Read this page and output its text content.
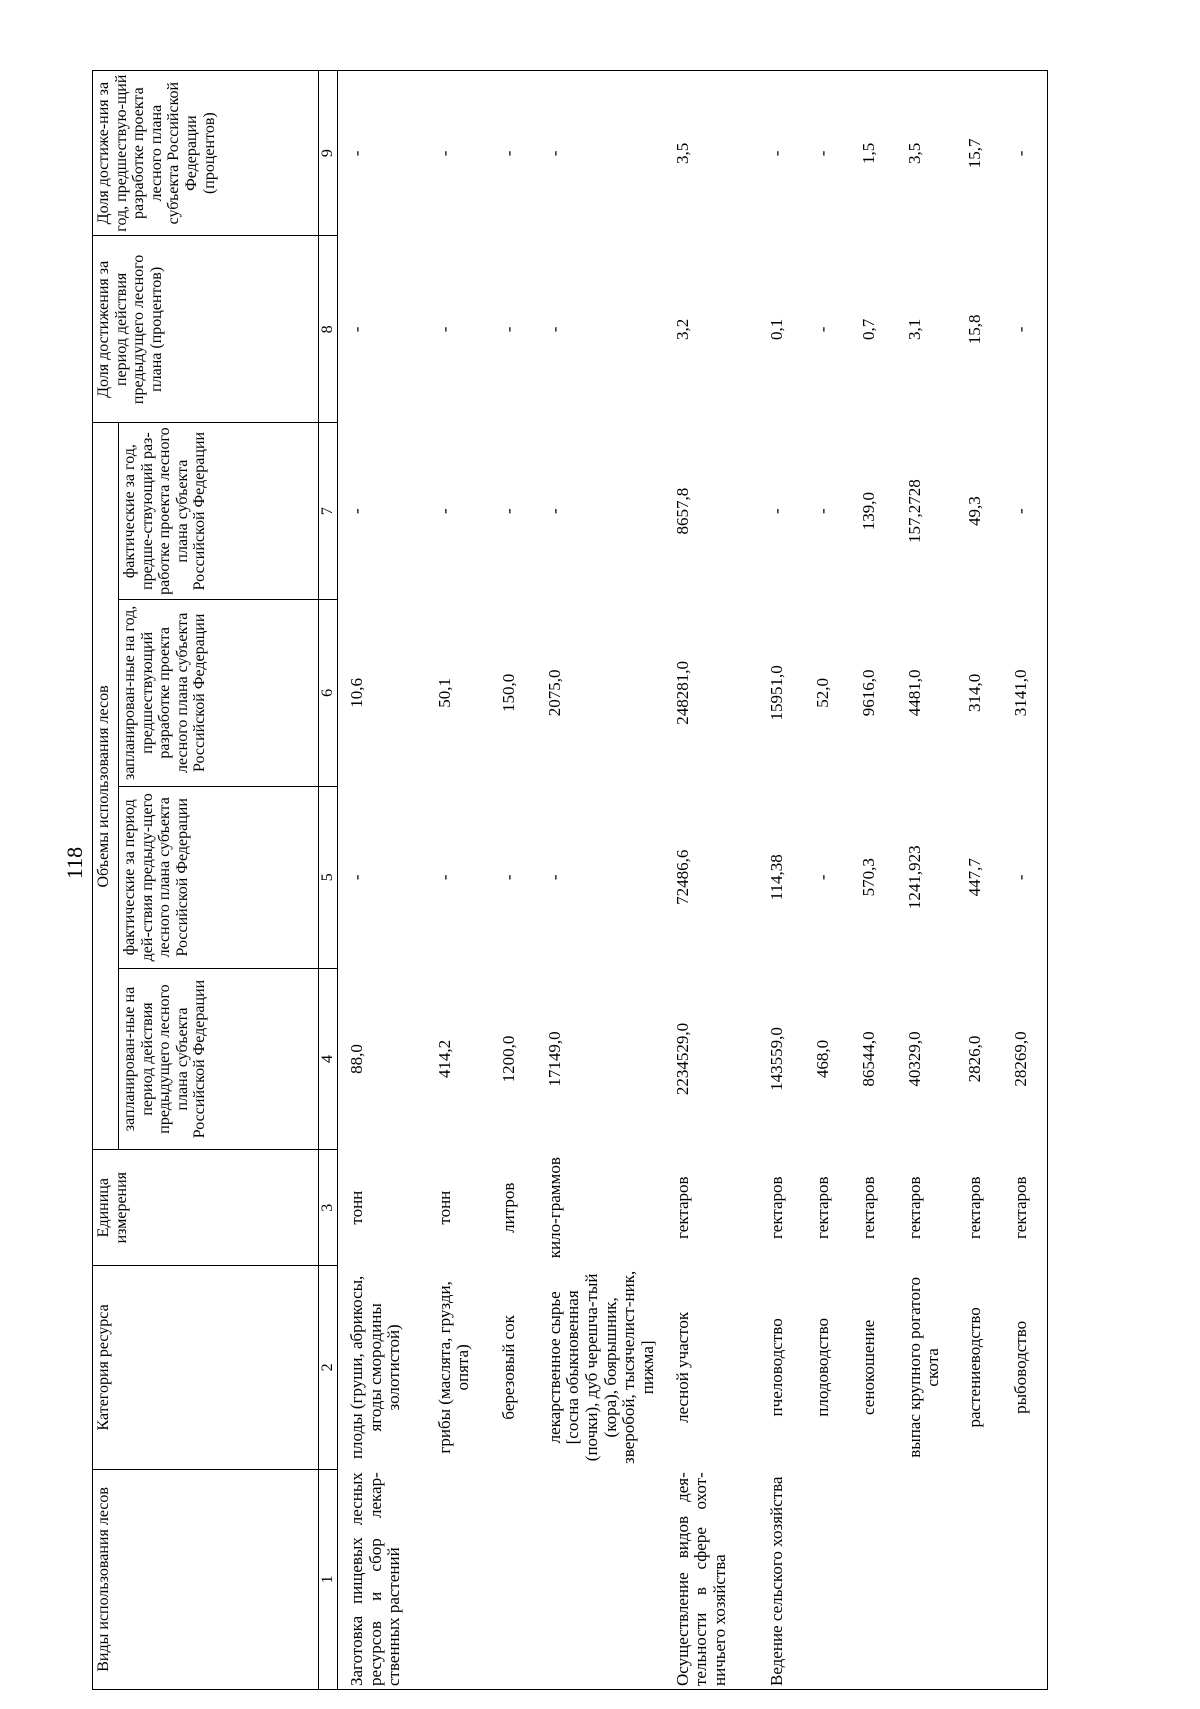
118
Виды использования лесов	Категория ресурса	Единица измерения	Объемы использования лесов				Доля достижения за период действия предыдущего лесного плана (процентов)	Доля достиже-ния за год, предшествую-щий разработке проекта лесного плана субъекта Российской Федерации (процентов)
			запланирован-ные на период действия предыдущего лесного плана субъекта Российской Федерации	фактические за период дей-ствия предыду-щего лесного плана субъекта Российской Федерации	запланирован-ные на год, предшествующий разработке проекта лесного плана субъекта Российской Федерации	фактические за год, предше-ствующий раз-работке проекта лесного плана субъекта Российской Федерации		
1	2	3	4	5	6	7	8	9
Заготовка пищевых лесных ресурсов и сбор лекар-ственных растений	плоды (груши, абрикосы, ягоды смородины золотистой)	тонн	88,0	-	10,6	-	-	-
	грибы (маслята, грузди, опята)	тонн	414,2	-	50,1	-	-	-
	березовый сок	литров	1200,0	-	150,0	-	-	-
	лекарственное сырье [сосна обыкновенная (почки), дуб черешча-тый (кора), боярышник, зверобой, тысячелист-ник, пижма]	кило-граммов	17149,0	-	2075,0	-	-	-
Осуществление видов дея-тельности в сфере охот-ничьего хозяйства	лесной участок	гектаров	2234529,0	72486,6	248281,0	8657,8	3,2	3,5
Ведение сельского хозяйства	пчеловодство	гектаров	143559,0	114,38	15951,0	-	0,1	-
	плодоводство	гектаров	468,0	-	52,0	-	-	-
	сенокошение	гектаров	86544,0	570,3	9616,0	139,0	0,7	1,5
	выпас крупного рогатого скота	гектаров	40329,0	1241,923	4481,0	157,2728	3,1	3,5
	растениеводство	гектаров	2826,0	447,7	314,0	49,3	15,8	15,7
	рыбоводство	гектаров	28269,0	-	3141,0	-	-	-
